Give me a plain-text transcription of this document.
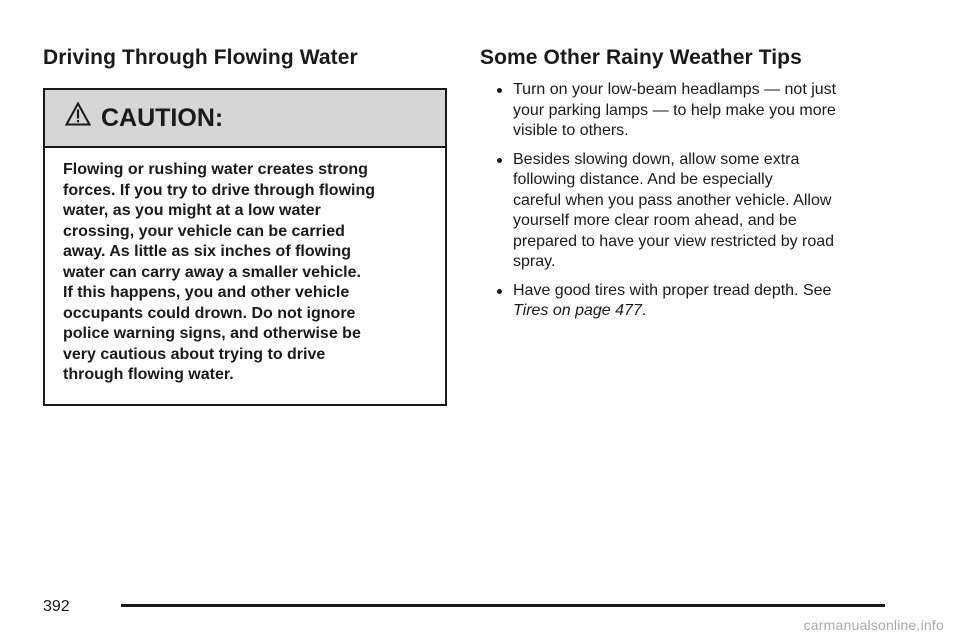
Driving Through Flowing Water
CAUTION:

Flowing or rushing water creates strong
forces. If you try to drive through flowing
water, as you might at a low water
crossing, your vehicle can be carried
away. As little as six inches of flowing
water can carry away a smaller vehicle.
If this happens, you and other vehicle
occupants could drown. Do not ignore
police warning signs, and otherwise be
very cautious about trying to drive
through flowing water.

Some Other Rainy Weather Tips
Turn on your low-beam headlamps — not just
your parking lamps — to help make you more
visible to others.
Besides slowing down, allow some extra
following distance. And be especially
careful when you pass another vehicle. Allow
yourself more clear room ahead, and be
prepared to have your view restricted by road
spray.
Have good tires with proper tread depth. See
Tires on page 477.
392
carmanualsonline.info
